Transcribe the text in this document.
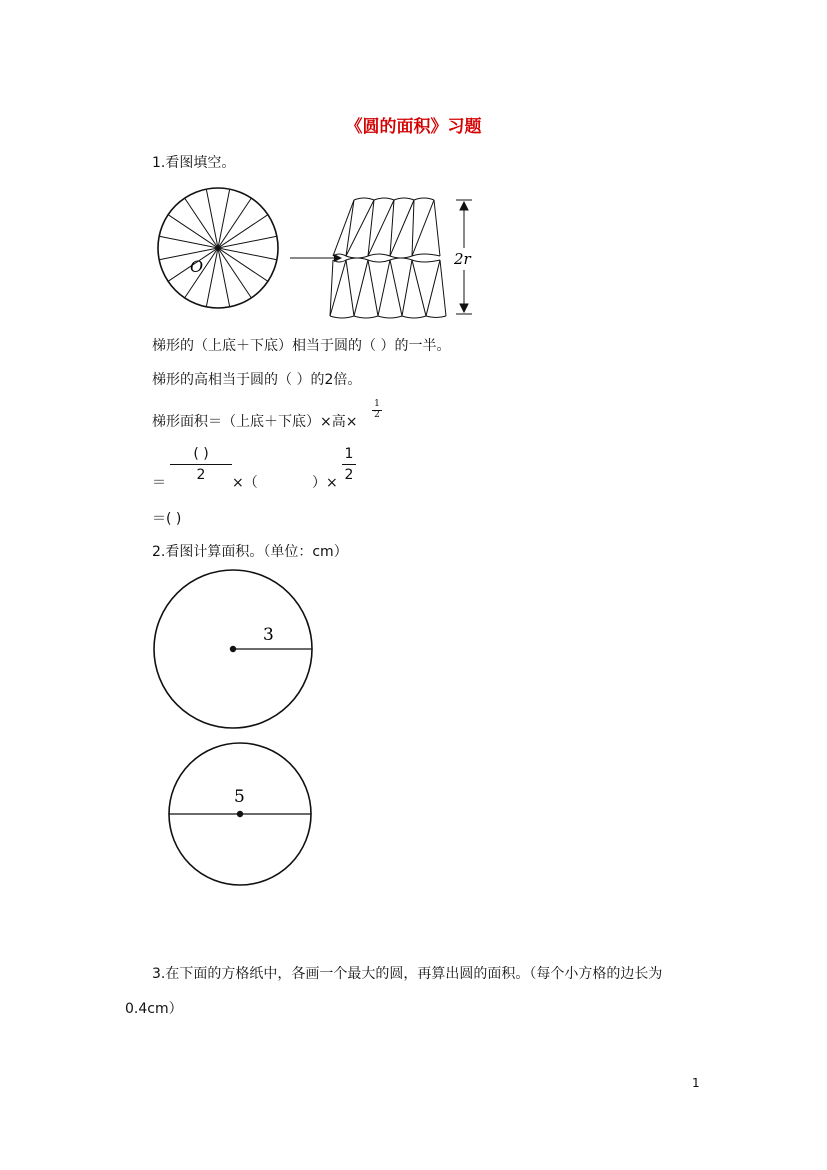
《圆的面积》习题
1.看图填空。
O	2r
梯形的（上底＋下底）相当于圆的（ ）的一半。
梯形的高相当于圆的（ ）的2倍。
梯形面积＝（上底＋下底）×高×
1
2
＝
( )
2	×（	）×
1
2
＝( )
2.看图计算面积。（单位：cm）
3
5
3.在下面的方格纸中，各画一个最大的圆，再算出圆的面积。（每个小方格的边长为
0.4cm）
1
